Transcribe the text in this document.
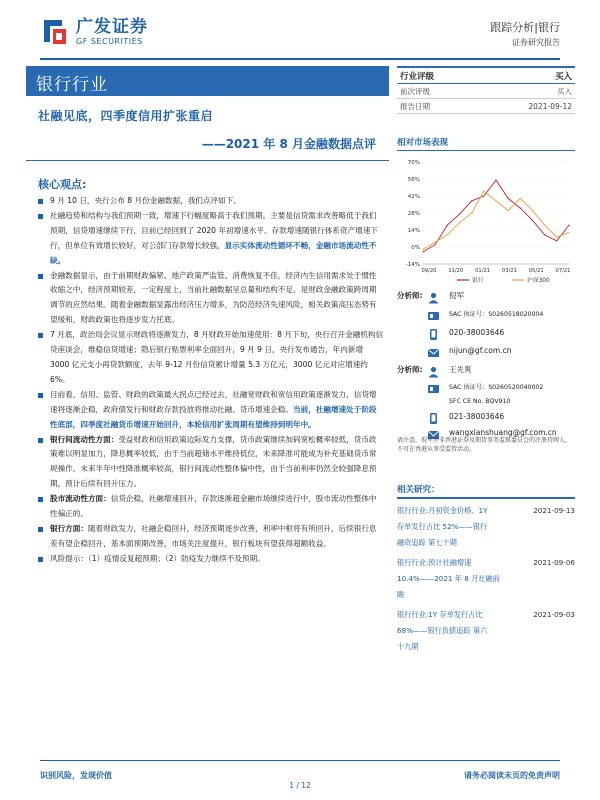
广发证券
GF SECURITIES
跟踪分析|银行
证券研究报告
银行行业
社融见底，四季度信用扩张重启
——2021 年 8 月金融数据点评
核心观点:
9 月 10 日，央行公布 8 月份金融数据，我们点评如下。
社融趋势和结构与我们预期一致，增速下行幅度略高于我们预期。主要是信贷需求改善略低于我们预期，信贷增速继续下行，目前已经回到了 2020 年初增速水平。存款增速随银行体系资产增速下行，但单位有效增长较好，对公部门存款增长较强，显示实体流动性循环不畅，金融市场流动性不缺。
金融数据显示，由于前期财政偏紧、地产政策严监管、消费恢复不佳，经济内生信用需求处于惯性收缩之中，经济预期较差，一定程度上，当前社融数据呈总量和结构不足，是财政金融政策跨周期调节的应然结果。随着金融数据显露出经济压力增多，为防范经济失速风险，相关政策高压态势有望缓和，财政政策也将逐步发力托底。
7 月底，政治局会议显示财政将逐渐发力，8 月财政开始加速使用：8 月下旬，央行召开金融机构信贷座谈会，维稳信贷增速；隐后银行贴票利率全面回升，9 月 9 日，央行发布通告，年内新增 3000 亿元支小再贷款额度，去年 9-12 月份信贷累计增量 5.3 万亿元，3000 亿元对应增速约 6%。
目前看，信用、监管、财政的政策最大拐点已经过去，社融宽财政和宽信用政策逐渐发力，信贷增速将逐渐企稳，政府债发行和财政存款投放将推动社融、货币增速企稳。当前，社融增速处于阶段性底部，四季度社融货币增速开始回升，本轮信用扩张周期有望维持到明年中。
银行间流动性方面：受益财政和信用政策边际发力支撑，货币政策继续加码宽松概率较低，货币政策难以明显加力，降息概率较低，由于当前超储水平维持低位，未来降准可能成为补充基础货币常规操作。未来半年中性降准概率较高，银行间流动性整体偏中性，由于当前利率仍然全较强降息预期，预计后续有回升压力。
股市流动性方面：信贷企稳，社融增速回升，存款逐渐超金融市场继续进行中，股市流动性整体中性偏正的。
银行方面：随着财政发力，社融企稳回升，经济预期逐步改善，利率中枢将有所回升，后续银行息差有望企稳回升，基本面预期改善，市场关注度提升，银行板块有望获得超额收益。
风险提示：（1）疫情反复超预期；（2）防疫发力继续不及预期。
行业评级	买入
前次评级	买入
报告日期	2021-09-12
相对市场表现
70%
56%
42%
28%
14%
0%
-14%
09/20 11/20 01/21 03/21 05/21 07/21
银行	沪深300
分析师:	倪军
SAC 执证号：S0260518020004
020-38003646
nijun@gf.com.cn
分析师:	王先爽
SAC 执证号：S0260520040002
SFC CE No. BQV910
021-38003646
wangxianshuang@gf.com.cn
请注意，倪军并非香港证券及期货事务监察委员会的注册持牌人，不可在香港从事受监管活动。
相关研究：
银行行业:月初资金价格、1Y	2021-09-13
存单发行占比 52%——银行
融资追踪 第七十期
银行行业:预计社融增速	2021-09-06
10.4%——2021 年 8 月社融前
瞻
银行行业:1Y 存单发行占比	2021-09-03
68%——银行负债追踪 第六
十九期
识别风险，发现价值	请务必阅读末页的免责声明
1 / 12
